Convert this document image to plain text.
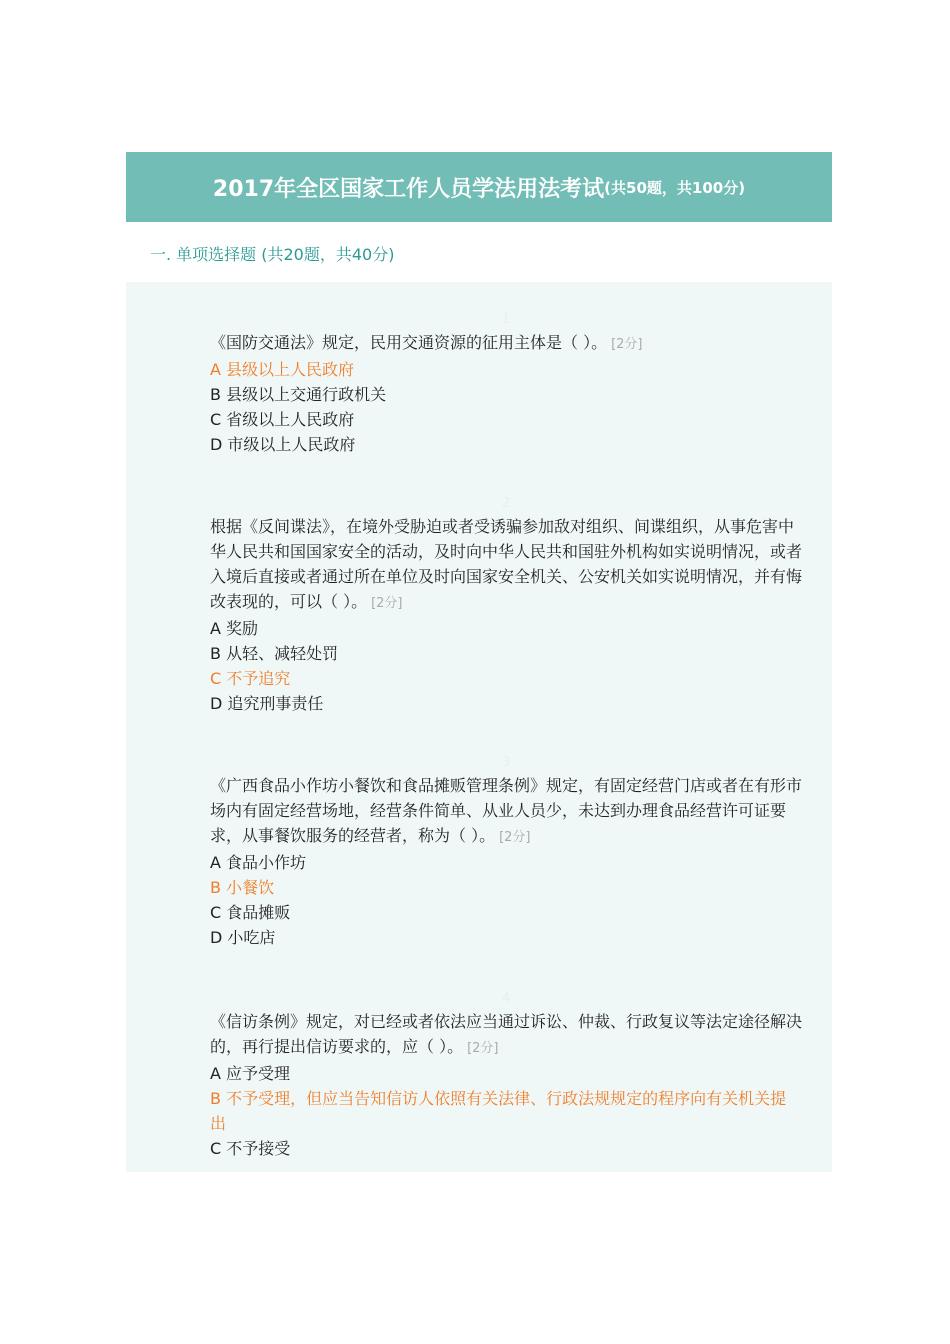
2017年全区国家工作人员学法用法考试 (共50题，共100分)
一. 单项选择题 (共20题，共40分)
1
《国防交通法》规定，民用交通资源的征用主体是（ ）。 [2分]
A 县级以上人民政府
B 县级以上交通行政机关
C 省级以上人民政府
D 市级以上人民政府
2
根据《反间谍法》，在境外受胁迫或者受诱骗参加敌对组织、间谍组织，从事危害中华人民共和国国家安全的活动，及时向中华人民共和国驻外机构如实说明情况，或者入境后直接或者通过所在单位及时向国家安全机关、公安机关如实说明情况，并有悔改表现的，可以（ ）。 [2分]
A 奖励
B 从轻、减轻处罚
C 不予追究
D 追究刑事责任
3
《广西食品小作坊小餐饮和食品摊贩管理条例》规定，有固定经营门店或者在有形市场内有固定经营场地，经营条件简单、从业人员少，未达到办理食品经营许可证要求，从事餐饮服务的经营者，称为（ ）。 [2分]
A 食品小作坊
B 小餐饮
C 食品摊贩
D 小吃店
4
《信访条例》规定，对已经或者依法应当通过诉讼、仲裁、行政复议等法定途径解决的，再行提出信访要求的，应（ ）。 [2分]
A 应予受理
B 不予受理，但应当告知信访人依照有关法律、行政法规规定的程序向有关机关提出
C 不予接受
